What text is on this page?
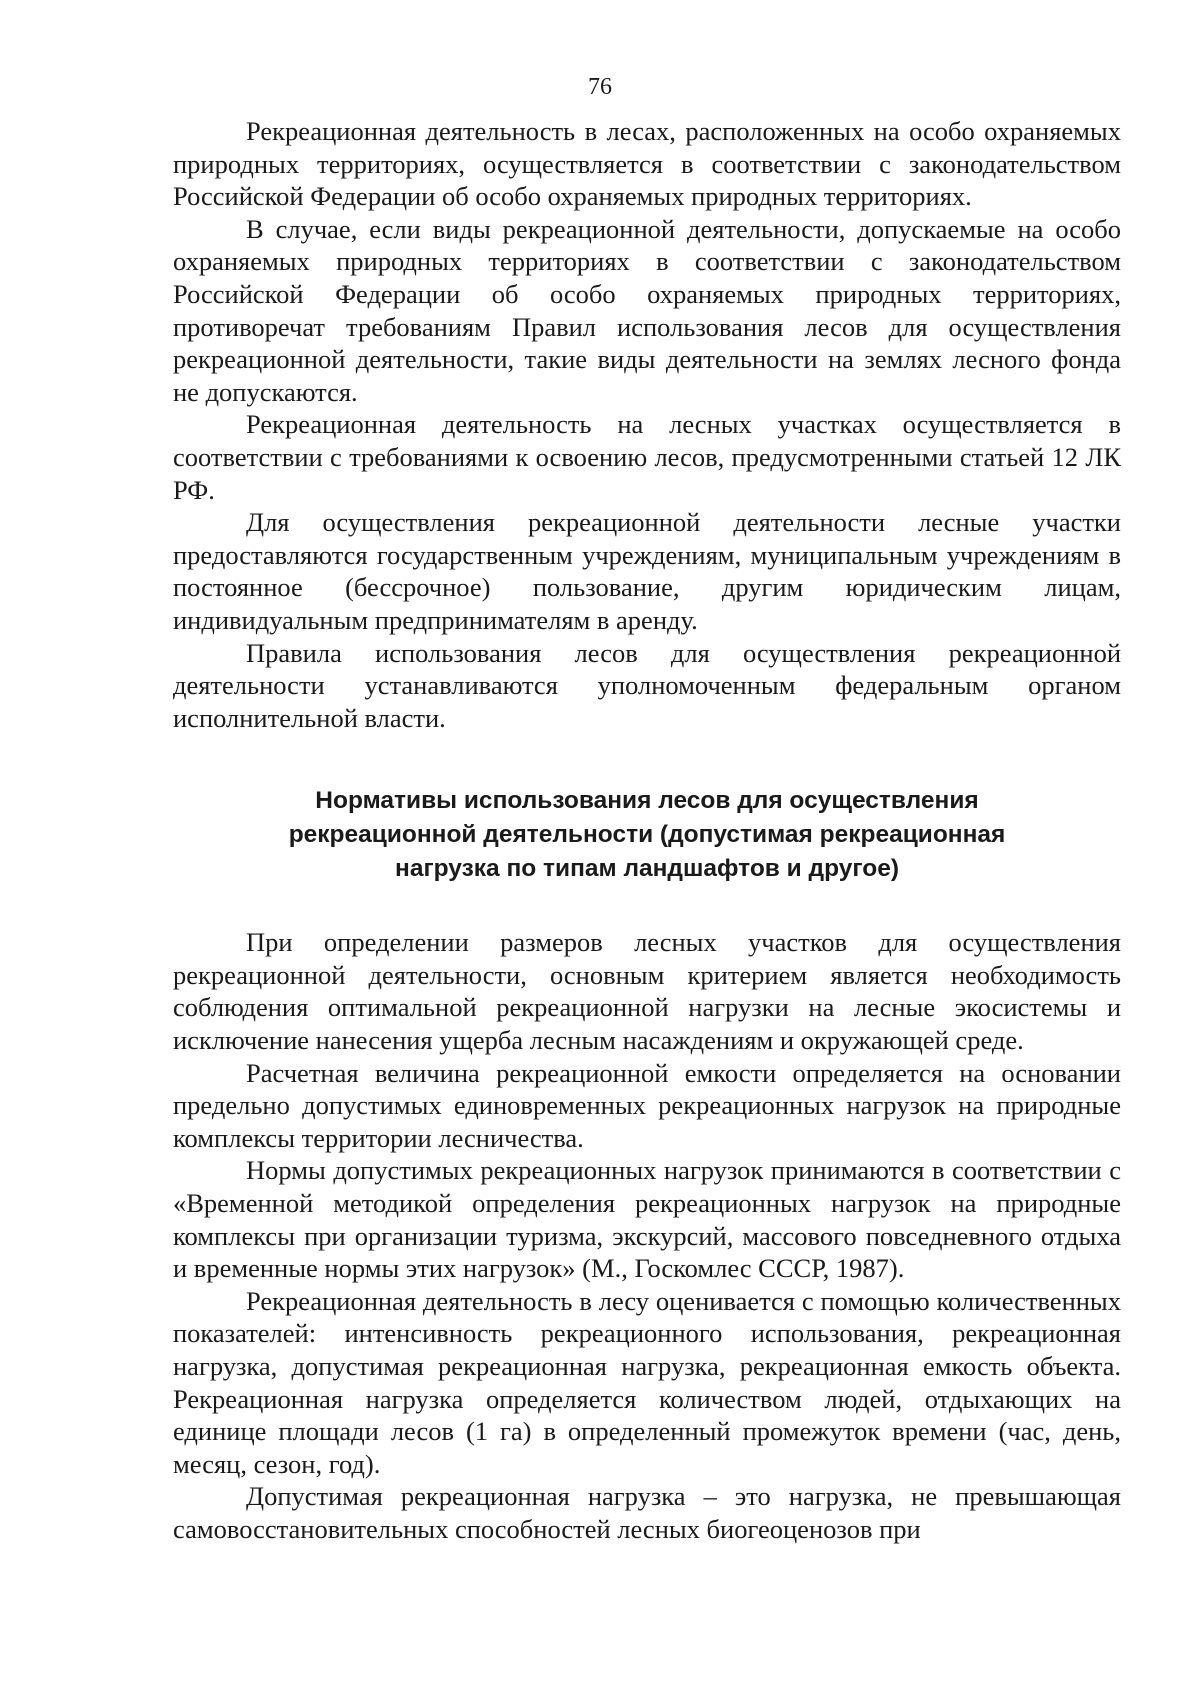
76

Рекреационная деятельность в лесах, расположенных на особо охраняемых природных территориях, осуществляется в соответствии с законодательством Российской Федерации об особо охраняемых природных территориях.

В случае, если виды рекреационной деятельности, допускаемые на особо охраняемых природных территориях в соответствии с законодательством Российской Федерации об особо охраняемых природных территориях, противоречат требованиям Правил использования лесов для осуществления рекреационной деятельности, такие виды деятельности на землях лесного фонда не допускаются.

Рекреационная деятельность на лесных участках осуществляется в соответствии с требованиями к освоению лесов, предусмотренными статьей 12 ЛК РФ.

Для осуществления рекреационной деятельности лесные участки предоставляются государственным учреждениям, муниципальным учреждениям в постоянное (бессрочное) пользование, другим юридическим лицам, индивидуальным предпринимателям в аренду.

Правила использования лесов для осуществления рекреационной деятельности устанавливаются уполномоченным федеральным органом исполнительной власти.

Нормативы использования лесов для осуществления
рекреационной деятельности (допустимая рекреационная
нагрузка по типам ландшафтов и другое)

При определении размеров лесных участков для осуществления рекреационной деятельности, основным критерием является необходимость соблюдения оптимальной рекреационной нагрузки на лесные экосистемы и исключение нанесения ущерба лесным насаждениям и окружающей среде.

Расчетная величина рекреационной емкости определяется на основании предельно допустимых единовременных рекреационных нагрузок на природные комплексы территории лесничества.

Нормы допустимых рекреационных нагрузок принимаются в соответствии с «Временной методикой определения рекреационных нагрузок на природные комплексы при организации туризма, экскурсий, массового повседневного отдыха и временные нормы этих нагрузок» (М., Госкомлес СССР, 1987).

Рекреационная деятельность в лесу оценивается с помощью количественных показателей: интенсивность рекреационного использования, рекреационная нагрузка, допустимая рекреационная нагрузка, рекреационная емкость объекта. Рекреационная нагрузка определяется количеством людей, отдыхающих на единице площади лесов (1 га) в определенный промежуток времени (час, день, месяц, сезон, год).

Допустимая рекреационная нагрузка – это нагрузка, не превышающая самовосстановительных способностей лесных биогеоценозов при
